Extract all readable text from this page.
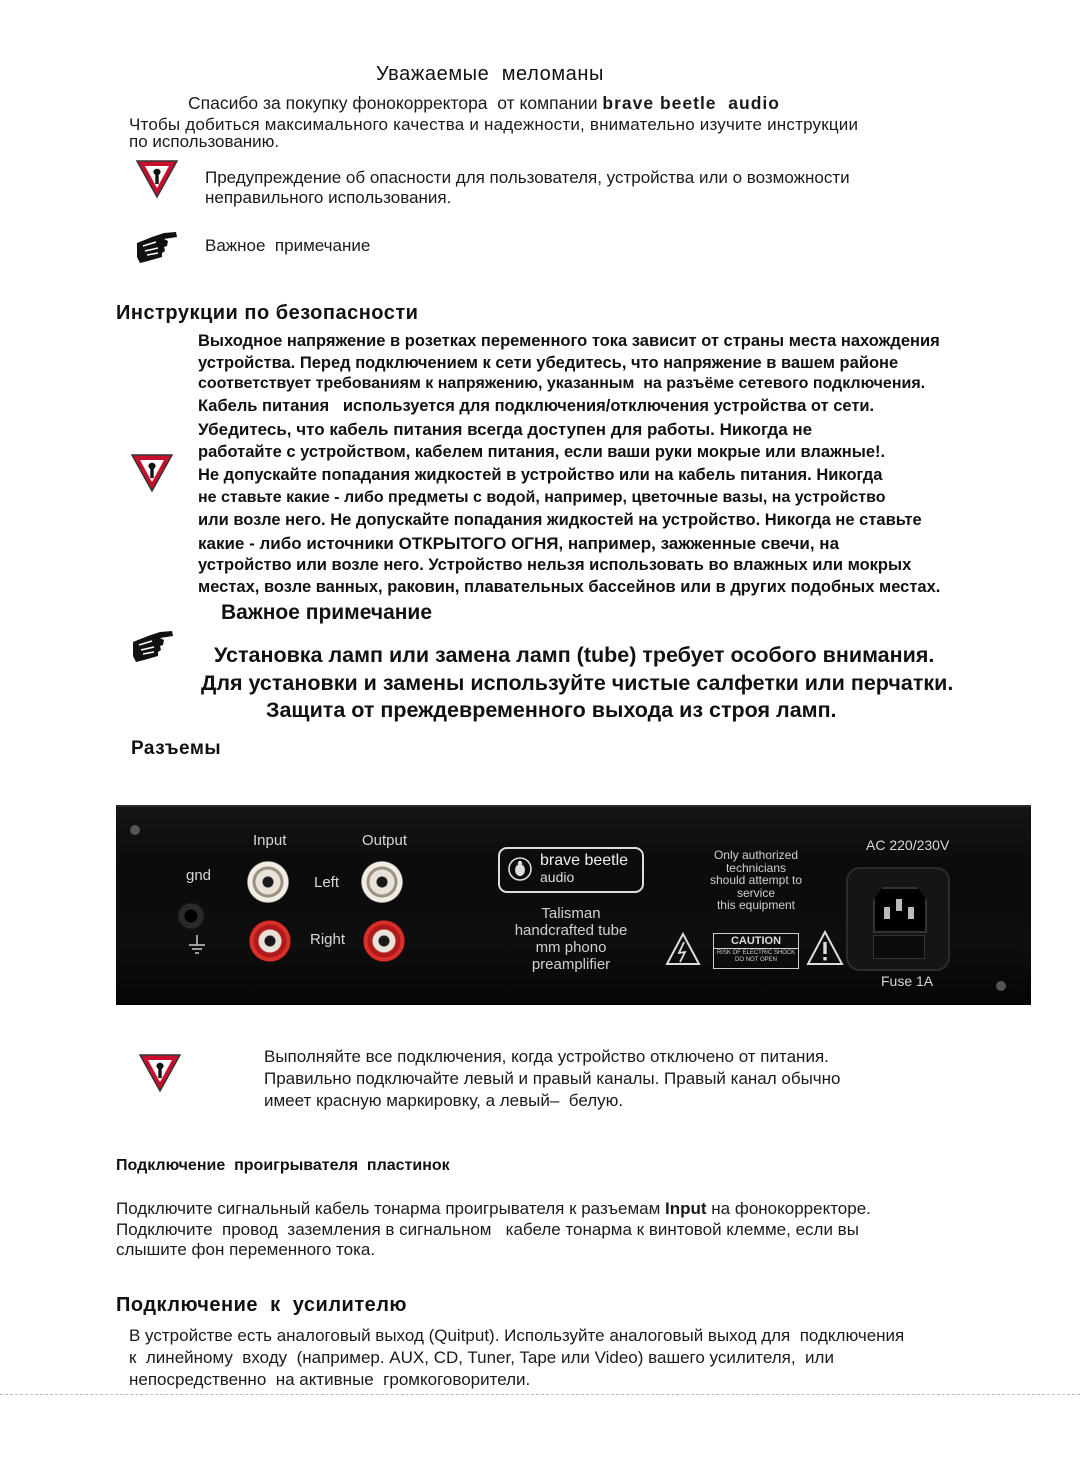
Уважаемые  меломаны
Спасибо за покупку фонокорректора  от компании brave beetle  audio
Чтобы добиться максимального качества и надежности, внимательно изучите инструкции
по использованию.
Предупреждение об опасности для пользователя, устройства или о возможности
неправильного использования.
Важное  примечание
Инструкции по безопасности
Выходное напряжение в розетках переменного тока зависит от страны места нахождения
устройства. Перед подключением к сети убедитесь, что напряжение в вашем районе
соответствует требованиям к напряжению, указанным  на разъёме сетевого подключения.
Кабель питания   используется для подключения/отключения устройства от сети.
Убедитесь, что кабель питания всегда доступен для работы. Никогда не
работайте с устройством, кабелем питания, если ваши руки мокрые или влажные!.
Не допускайте попадания жидкостей в устройство или на кабель питания. Никогда
не ставьте какие - либо предметы с водой, например, цветочные вазы, на устройство
или возле него. Не допускайте попадания жидкостей на устройство. Никогда не ставьте
какие - либо источники ОТКРЫТОГО ОГНЯ, например, зажженные свечи, на
устройство или возле него. Устройство нельзя использовать во влажных или мокрых
местах, возле ванных, раковин, плавательных бассейнов или в других подобных местах.
Важное примечание
Установка ламп или замена ламп (tube) требует особого внимания.
Для установки и замены используйте чистые салфетки или перчатки.
Защита от преждевременного выхода из строя ламп.
Разъемы
Input	Output
gnd	Left
Right
brave beetle
audio
Talisman
handcrafted tube
mm phono
preamplifier
Only authorized
technicians
should attempt to
service
this equipment
CAUTION
RISK OF ELECTRIC SHOCK
DO NOT OPEN
AC 220/230V
Fuse 1A
Выполняйте все подключения, когда устройство отключено от питания.
Правильно подключайте левый и правый каналы. Правый канал обычно
имеет красную маркировку, а левый–  белую.
Подключение  проигрывателя  пластинок
Подключите сигнальный кабель тонарма проигрывателя к разъемам Input на фонокорректоре.
Подключите  провод  заземления в сигнальном   кабеле тонарма к винтовой клемме, если вы
слышите фон переменного тока.
Подключение  к  усилителю
В устройстве есть аналоговый выход (Quitput). Используйте аналоговый выход для  подключения
к  линейному  входу  (например. AUX, CD, Tuner, Tape или Video) вашего усилителя,  или
непосредственно  на активные  громкоговорители.
